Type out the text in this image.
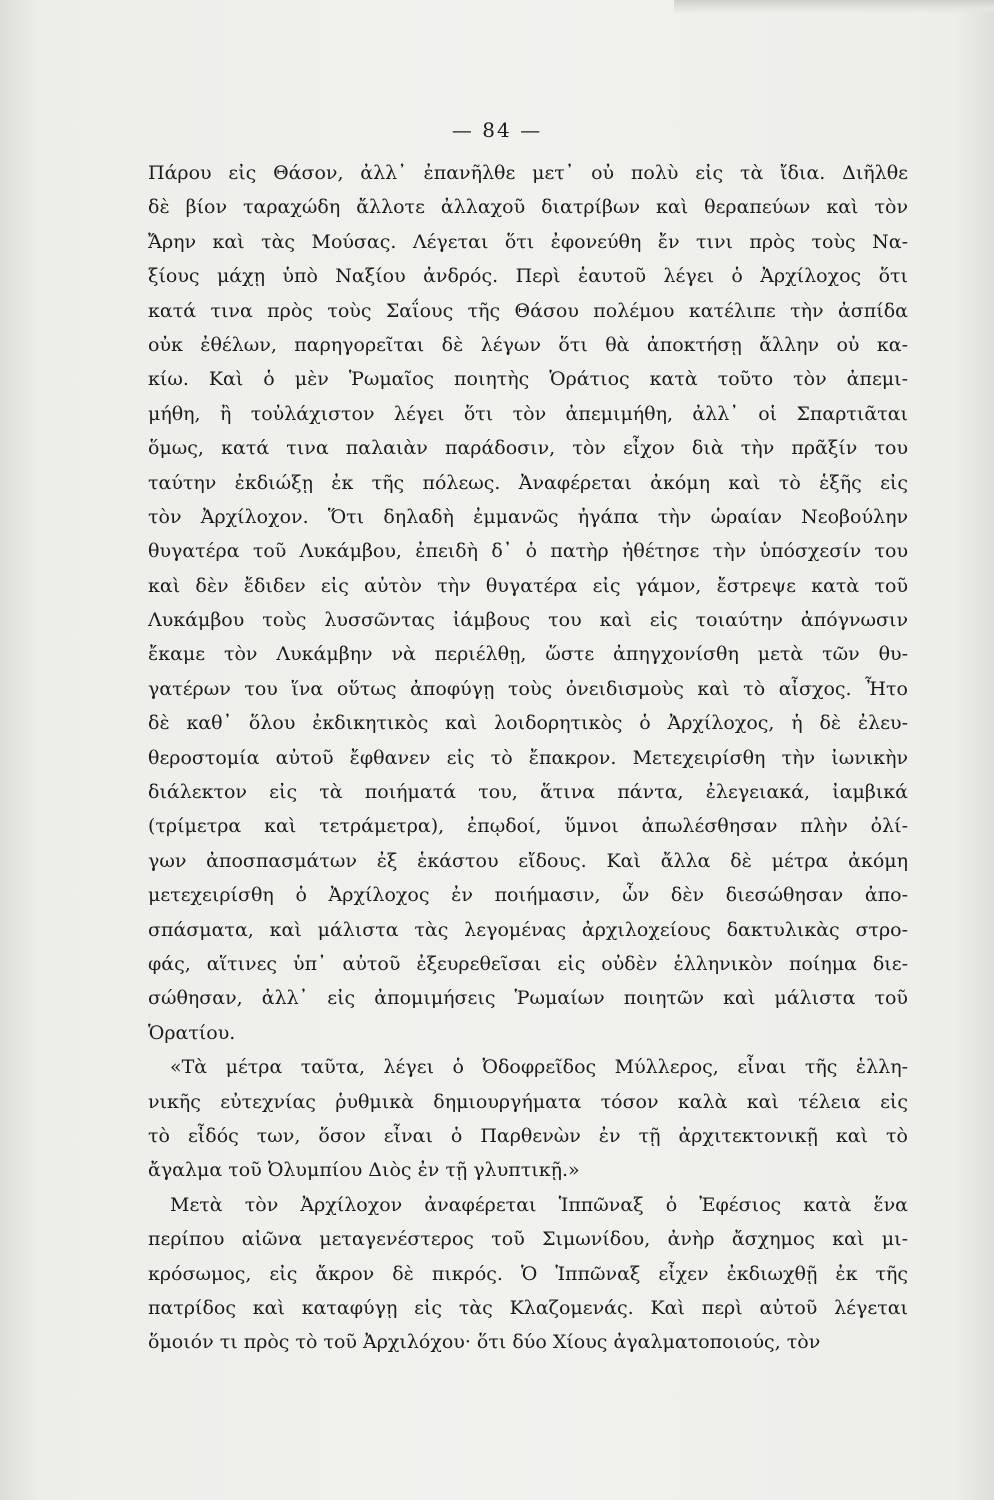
— 84 —
Πάρου εἰς Θάσον, ἀλλ᾽ ἐπανῆλθε μετ᾽ οὐ πολὺ εἰς τὰ ἴδια. Διῆλθε
δὲ βίον ταραχώδη ἄλλοτε ἀλλαχοῦ διατρίβων καὶ θεραπεύων καὶ τὸν
Ἄρην καὶ τὰς Μούσας. Λέγεται ὅτι ἐφονεύθη ἔν τινι πρὸς τοὺς Να-
ξίους μάχῃ ὑπὸ Ναξίου ἀνδρός. Περὶ ἑαυτοῦ λέγει ὁ Ἀρχίλοχος ὅτι
κατά τινα πρὸς τοὺς Σαΐους τῆς Θάσου πολέμου κατέλιπε τὴν ἀσπίδα
οὐκ ἐθέλων, παρηγορεῖται δὲ λέγων ὅτι θὰ ἀποκτήσῃ ἄλλην οὐ κα-
κίω. Καὶ ὁ μὲν Ῥωμαῖος ποιητὴς Ὁράτιος κατὰ τοῦτο τὸν ἀπεμι-
μήθη, ἢ τοὐλάχιστον λέγει ὅτι τὸν ἀπεμιμήθη, ἀλλ᾽ οἱ Σπαρτιᾶται
ὅμως, κατά τινα παλαιὰν παράδοσιν, τὸν εἶχον διὰ τὴν πρᾶξίν του
ταύτην ἐκδιώξῃ ἐκ τῆς πόλεως. Ἀναφέρεται ἀκόμη καὶ τὸ ἑξῆς εἰς
τὸν Ἀρχίλοχον. Ὅτι δηλαδὴ ἐμμανῶς ἠγάπα τὴν ὡραίαν Νεοβούλην
θυγατέρα τοῦ Λυκάμβου, ἐπειδὴ δ᾽ ὁ πατὴρ ἠθέτησε τὴν ὑπόσχεσίν του
καὶ δὲν ἔδιδεν εἰς αὐτὸν τὴν θυγατέρα εἰς γάμον, ἔστρεψε κατὰ τοῦ
Λυκάμβου τοὺς λυσσῶντας ἰάμβους του καὶ εἰς τοιαύτην ἀπόγνωσιν
ἔκαμε τὸν Λυκάμβην νὰ περιέλθῃ, ὥστε ἀπηγχονίσθη μετὰ τῶν θυ-
γατέρων του ἵνα οὕτως ἀποφύγῃ τοὺς ὀνειδισμοὺς καὶ τὸ αἶσχος. Ἦτο
δὲ καθ᾽ ὅλου ἐκδικητικὸς καὶ λοιδορητικὸς ὁ Ἀρχίλοχος, ἡ δὲ ἐλευ-
θεροστομία αὐτοῦ ἔφθανεν εἰς τὸ ἔπακρον. Μετεχειρίσθη τὴν ἰωνικὴν
διάλεκτον εἰς τὰ ποιήματά του, ἅτινα πάντα, ἐλεγειακά, ἰαμβικά
(τρίμετρα καὶ τετράμετρα), ἐπῳδοί, ὕμνοι ἀπωλέσθησαν πλὴν ὀλί-
γων ἀποσπασμάτων ἐξ ἑκάστου εἴδους. Καὶ ἄλλα δὲ μέτρα ἀκόμη
μετεχειρίσθη ὁ Ἀρχίλοχος ἐν ποιήμασιν, ὧν δὲν διεσώθησαν ἀπο-
σπάσματα, καὶ μάλιστα τὰς λεγομένας ἀρχιλοχείους δακτυλικὰς στρο-
φάς, αἵτινες ὑπ᾽ αὐτοῦ ἐξευρεθεῖσαι εἰς οὐδὲν ἑλληνικὸν ποίημα διε-
σώθησαν, ἀλλ᾽ εἰς ἀπομιμήσεις Ῥωμαίων ποιητῶν καὶ μάλιστα τοῦ
Ὁρατίου.
«Τὰ μέτρα ταῦτα, λέγει ὁ Ὀδοφρεῖδος Μύλλερος, εἶναι τῆς ἑλλη-
νικῆς εὐτεχνίας ῥυθμικὰ δημιουργήματα τόσον καλὰ καὶ τέλεια εἰς
τὸ εἶδός των, ὅσον εἶναι ὁ Παρθενὼν ἐν τῇ ἀρχιτεκτονικῇ καὶ τὸ
ἄγαλμα τοῦ Ὀλυμπίου Διὸς ἐν τῇ γλυπτικῇ.»
Μετὰ τὸν Ἀρχίλοχον ἀναφέρεται Ἱππῶναξ ὁ Ἐφέσιος κατὰ ἕνα
περίπου αἰῶνα μεταγενέστερος τοῦ Σιμωνίδου, ἀνὴρ ἄσχημος καὶ μι-
κρόσωμος, εἰς ἄκρον δὲ πικρός. Ὁ Ἱππῶναξ εἶχεν ἐκδιωχθῇ ἐκ τῆς
πατρίδος καὶ καταφύγῃ εἰς τὰς Κλαζομενάς. Καὶ περὶ αὐτοῦ λέγεται
ὅμοιόν τι πρὸς τὸ τοῦ Ἀρχιλόχου· ὅτι δύο Χίους ἀγαλματοποιούς, τὸν
